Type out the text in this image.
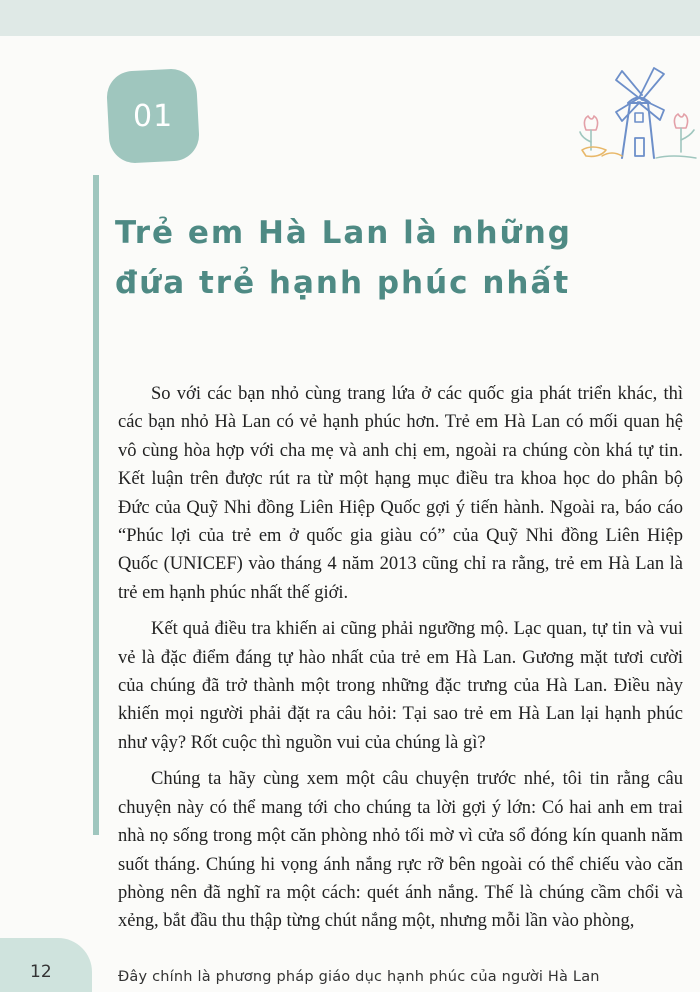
01
Trẻ em Hà Lan là những
đứa trẻ hạnh phúc nhất

So với các bạn nhỏ cùng trang lứa ở các quốc gia phát triển khác, thì các bạn nhỏ Hà Lan có vẻ hạnh phúc hơn. Trẻ em Hà Lan có mối quan hệ vô cùng hòa hợp với cha mẹ và anh chị em, ngoài ra chúng còn khá tự tin. Kết luận trên được rút ra từ một hạng mục điều tra khoa học do phân bộ Đức của Quỹ Nhi đồng Liên Hiệp Quốc gợi ý tiến hành. Ngoài ra, báo cáo “Phúc lợi của trẻ em ở quốc gia giàu có” của Quỹ Nhi đồng Liên Hiệp Quốc (UNICEF) vào tháng 4 năm 2013 cũng chỉ ra rằng, trẻ em Hà Lan là trẻ em hạnh phúc nhất thế giới.

Kết quả điều tra khiến ai cũng phải ngưỡng mộ. Lạc quan, tự tin và vui vẻ là đặc điểm đáng tự hào nhất của trẻ em Hà Lan. Gương mặt tươi cười của chúng đã trở thành một trong những đặc trưng của Hà Lan. Điều này khiến mọi người phải đặt ra câu hỏi: Tại sao trẻ em Hà Lan lại hạnh phúc như vậy? Rốt cuộc thì nguồn vui của chúng là gì?

Chúng ta hãy cùng xem một câu chuyện trước nhé, tôi tin rằng câu chuyện này có thể mang tới cho chúng ta lời gợi ý lớn: Có hai anh em trai nhà nọ sống trong một căn phòng nhỏ tối mờ vì cửa sổ đóng kín quanh năm suốt tháng. Chúng hi vọng ánh nắng rực rỡ bên ngoài có thể chiếu vào căn phòng nên đã nghĩ ra một cách: quét ánh nắng. Thế là chúng cầm chổi và xẻng, bắt đầu thu thập từng chút nắng một, nhưng mỗi lần vào phòng,

12	Đây chính là phương pháp giáo dục hạnh phúc của người Hà Lan
